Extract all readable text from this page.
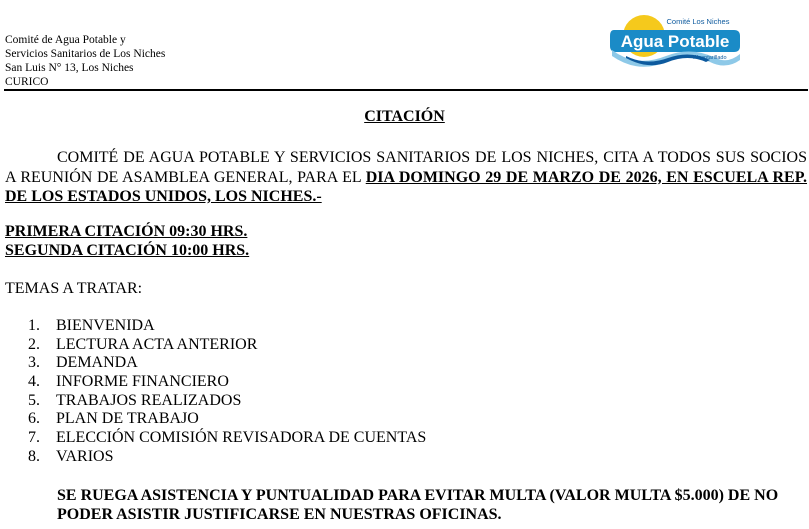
Comité de Agua Potable y
Servicios Sanitarios de Los Niches
San Luis N° 13, Los Niches
CURICO
Comité Los Niches
Agua Potable
Alcantarillado
CITACIÓN
COMITÉ DE AGUA POTABLE Y SERVICIOS SANITARIOS DE LOS NICHES, CITA A TODOS SUS SOCIOS A REUNIÓN DE ASAMBLEA GENERAL, PARA EL DIA DOMINGO 29 DE MARZO DE 2026, EN ESCUELA REP. DE LOS ESTADOS UNIDOS, LOS NICHES.-
PRIMERA CITACIÓN 09:30 HRS.
SEGUNDA CITACIÓN 10:00 HRS.
TEMAS A TRATAR:
1. BIENVENIDA
2. LECTURA ACTA ANTERIOR
3. DEMANDA
4. INFORME FINANCIERO
5. TRABAJOS REALIZADOS
6. PLAN DE TRABAJO
7. ELECCIÓN COMISIÓN REVISADORA DE CUENTAS
8. VARIOS
SE RUEGA ASISTENCIA Y PUNTUALIDAD PARA EVITAR MULTA (VALOR MULTA $5.000) DE NO PODER ASISTIR JUSTIFICARSE EN NUESTRAS OFICINAS.
